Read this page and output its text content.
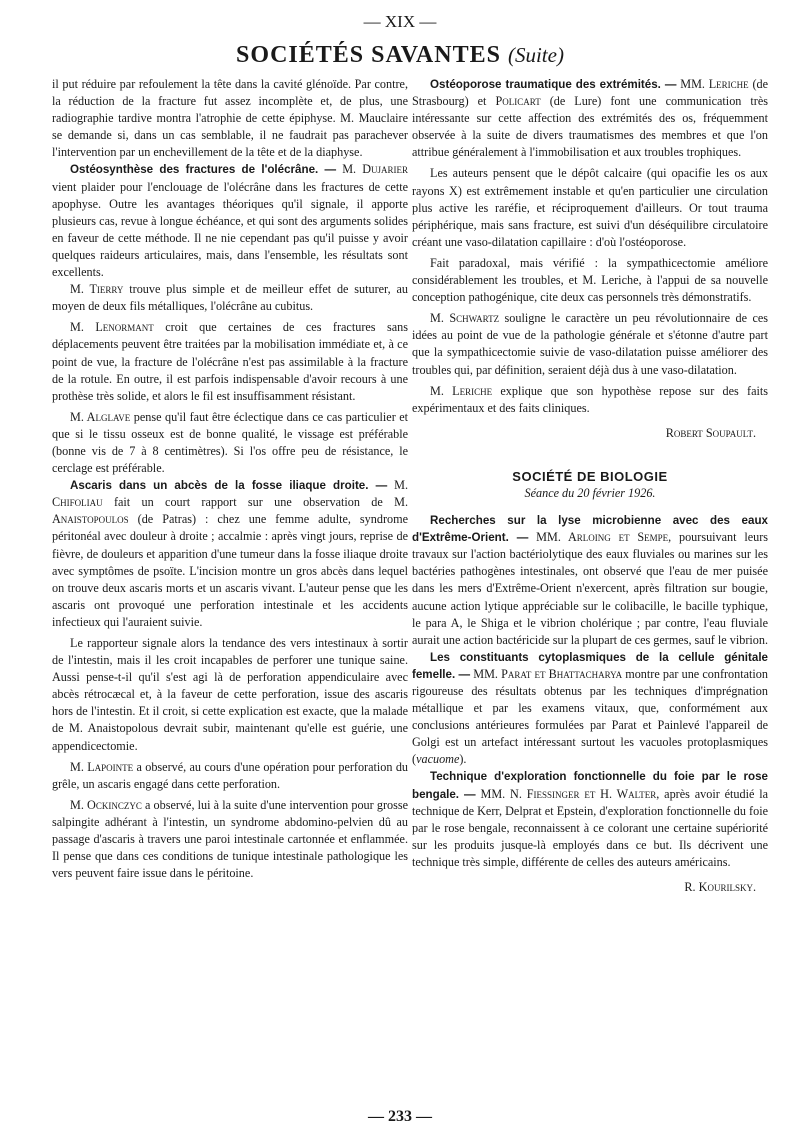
— XIX —
SOCIÉTÉS SAVANTES (Suite)

il put réduire par refoulement la tête dans la cavité glénoïde. Par contre, la réduction de la fracture fut assez incomplète et, de plus, une radiographie tardive montra l'atrophie de cette épiphyse. M. Mauclaire se demande si, dans un cas semblable, il ne faudrait pas parachever l'intervention par un enchevillement de la tête et de la diaphyse.

Ostéosynthèse des fractures de l'olécrâne. — M. Dujarier vient plaider pour l'enclouage de l'olécrâne dans les fractures de cette apophyse. Outre les avantages théoriques qu'il signale, il apporte plusieurs cas, revue à longue échéance, et qui sont des arguments solides en faveur de cette méthode. Il ne nie cependant pas qu'il puisse y avoir quelques raideurs articulaires, mais, dans l'ensemble, les résultats sont excellents.

M. Tierry trouve plus simple et de meilleur effet de suturer, au moyen de deux fils métalliques, l'olécrâne au cubitus.

M. Lenormant croit que certaines de ces fractures sans déplacements peuvent être traitées par la mobilisation immédiate et, à ce point de vue, la fracture de l'olécrâne n'est pas assimilable à la fracture de la rotule. En outre, il est parfois indispensable d'avoir recours à une prothèse très solide, et alors le fil est insuffisamment résistant.

M. Alglave pense qu'il faut être éclectique dans ce cas particulier et que si le tissu osseux est de bonne qualité, le vissage est préférable (bonne vis de 7 à 8 centimètres). Si l'os offre peu de résistance, le cerclage est préférable.

Ascaris dans un abcès de la fosse iliaque droite. — M. Chifoliau fait un court rapport sur une observation de M. Anaistopoulos (de Patras) : chez une femme adulte, syndrome péritonéal avec douleur à droite ; accalmie : après vingt jours, reprise de fièvre, de douleurs et apparition d'une tumeur dans la fosse iliaque droite avec symptômes de psoïte. L'incision montre un gros abcès dans lequel on trouve deux ascaris morts et un ascaris vivant. L'auteur pense que les ascaris ont provoqué une perforation intestinale et les accidents infectieux qui l'auraient suivie.

Le rapporteur signale alors la tendance des vers intestinaux à sortir de l'intestin, mais il les croit incapables de perforer une tunique saine. Aussi pense-t-il qu'il s'est agi là de perforation appendiculaire avec abcès rétrocæcal et, à la faveur de cette perforation, issue des ascaris hors de l'intestin. Et il croit, si cette explication est exacte, que la malade de M. Anaistopolous devrait subir, maintenant qu'elle est guérie, une appendicectomie.

M. Lapointe a observé, au cours d'une opération pour perforation du grêle, un ascaris engagé dans cette perforation.

M. Ockinczyc a observé, lui à la suite d'une intervention pour grosse salpingite adhérant à l'intestin, un syndrome abdomino-pelvien dû au passage d'ascaris à travers une paroi intestinale cartonnée et enflammée. Il pense que dans ces conditions de tunique intestinale pathologique les vers peuvent faire issue dans le péritoine.

Ostéoporose traumatique des extrémités. — MM. Leriche (de Strasbourg) et Policart (de Lure) font une communication très intéressante sur cette affection des extrémités des os, fréquemment observée à la suite de divers traumatismes des membres et que l'on attribue généralement à l'immobilisation et aux troubles trophiques.

Les auteurs pensent que le dépôt calcaire (qui opacifie les os aux rayons X) est extrêmement instable et qu'en particulier une circulation plus active les raréfie, et réciproquement d'ailleurs. Or tout trauma périphérique, mais sans fracture, est suivi d'un déséquilibre circulatoire créant une vaso-dilatation capillaire : d'où l'ostéoporose.

Fait paradoxal, mais vérifié : la sympathicectomie améliore considérablement les troubles, et M. Leriche, à l'appui de sa nouvelle conception pathogénique, cite deux cas personnels très démonstratifs.

M. Schwartz souligne le caractère un peu révolutionnaire de ces idées au point de vue de la pathologie générale et s'étonne d'autre part que la sympathicectomie suivie de vaso-dilatation puisse améliorer des troubles qui, par définition, seraient déjà dus à une vaso-dilatation.

M. Leriche explique que son hypothèse repose sur des faits expérimentaux et des faits cliniques.

Robert Soupault.

SOCIÉTÉ DE BIOLOGIE
Séance du 20 février 1926.

Recherches sur la lyse microbienne avec des eaux d'Extrême-Orient. — MM. Arloing et Sempe, poursuivant leurs travaux sur l'action bactériolytique des eaux fluviales ou marines sur les bactéries pathogènes intestinales, ont observé que l'eau de mer puisée dans les mers d'Extrême-Orient n'exercent, après filtration sur bougie, aucune action lytique appréciable sur le colibacille, le bacille typhique, le para A, le Shiga et le vibrion cholérique ; par contre, l'eau fluviale aurait une action bactéricide sur la plupart de ces germes, sauf le vibrion.

Les constituants cytoplasmiques de la cellule génitale femelle. — MM. Parat et Bhattacharya montre par une confrontation rigoureuse des résultats obtenus par les techniques d'imprégnation métallique et par les examens vitaux, que, conformément aux conclusions antérieures formulées par Parat et Painlevé l'appareil de Golgi est un artefact intéressant surtout les vacuoles protoplasmiques (vacuome).

Technique d'exploration fonctionnelle du foie par le rose bengale. — MM. N. Fiessinger et H. Walter, après avoir étudié la technique de Kerr, Delprat et Epstein, d'exploration fonctionnelle du foie par le rose bengale, reconnaissent à ce colorant une certaine supériorité sur les produits jusque-là employés dans ce but. Ils décrivent une technique très simple, différente de celles des auteurs américains.

R. Kourilsky.

— 233 —
